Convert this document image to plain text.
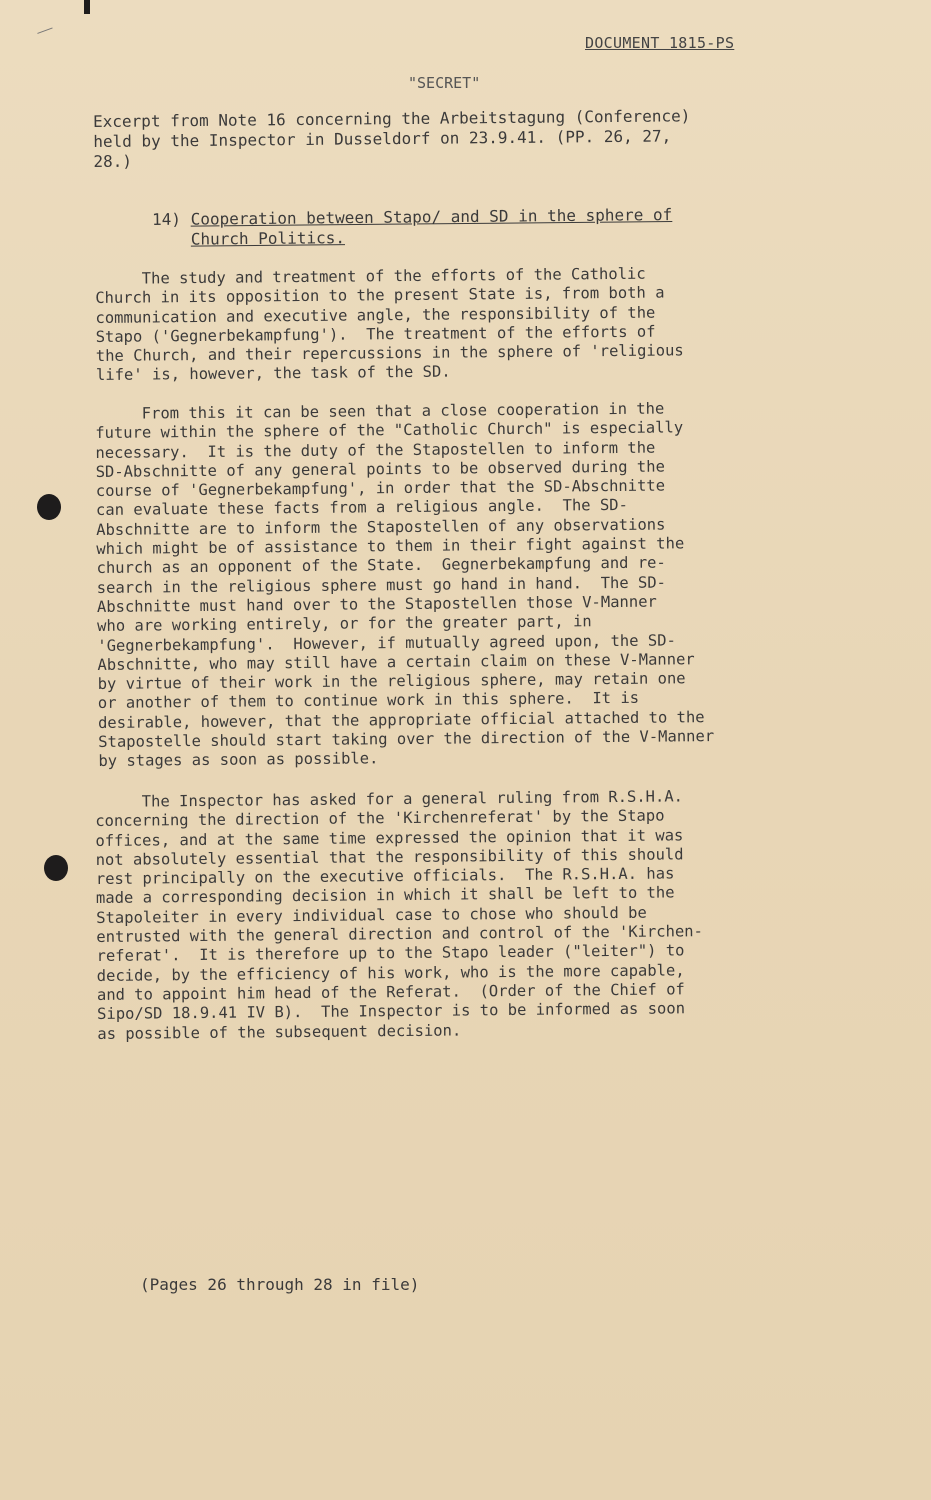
DOCUMENT 1815-PS
"SECRET"
Excerpt from Note 16 concerning the Arbeitstagung (Conference)
held by the Inspector in Dusseldorf on 23.9.41. (PP. 26, 27,
28.)
14) Cooperation between Stapo/ and SD in the sphere of
Church Politics.
The study and treatment of the efforts of the Catholic
Church in its opposition to the present State is, from both a
communication and executive angle, the responsibility of the
Stapo ('Gegnerbekampfung').  The treatment of the efforts of
the Church, and their repercussions in the sphere of 'religious
life' is, however, the task of the SD.
From this it can be seen that a close cooperation in the
future within the sphere of the "Catholic Church" is especially
necessary.  It is the duty of the Stapostellen to inform the
SD-Abschnitte of any general points to be observed during the
course of 'Gegnerbekampfung', in order that the SD-Abschnitte
can evaluate these facts from a religious angle.  The SD-
Abschnitte are to inform the Stapostellen of any observations
which might be of assistance to them in their fight against the
church as an opponent of the State.  Gegnerbekampfung and re-
search in the religious sphere must go hand in hand.  The SD-
Abschnitte must hand over to the Stapostellen those V-Manner
who are working entirely, or for the greater part, in
'Gegnerbekampfung'.  However, if mutually agreed upon, the SD-
Abschnitte, who may still have a certain claim on these V-Manner
by virtue of their work in the religious sphere, may retain one
or another of them to continue work in this sphere.  It is
desirable, however, that the appropriate official attached to the
Stapostelle should start taking over the direction of the V-Manner
by stages as soon as possible.
The Inspector has asked for a general ruling from R.S.H.A.
concerning the direction of the 'Kirchenreferat' by the Stapo
offices, and at the same time expressed the opinion that it was
not absolutely essential that the responsibility of this should
rest principally on the executive officials.  The R.S.H.A. has
made a corresponding decision in which it shall be left to the
Stapoleiter in every individual case to chose who should be
entrusted with the general direction and control of the 'Kirchen-
referat'.  It is therefore up to the Stapo leader ("leiter") to
decide, by the efficiency of his work, who is the more capable,
and to appoint him head of the Referat.  (Order of the Chief of
Sipo/SD 18.9.41 IV B).  The Inspector is to be informed as soon
as possible of the subsequent decision.
(Pages 26 through 28 in file)
